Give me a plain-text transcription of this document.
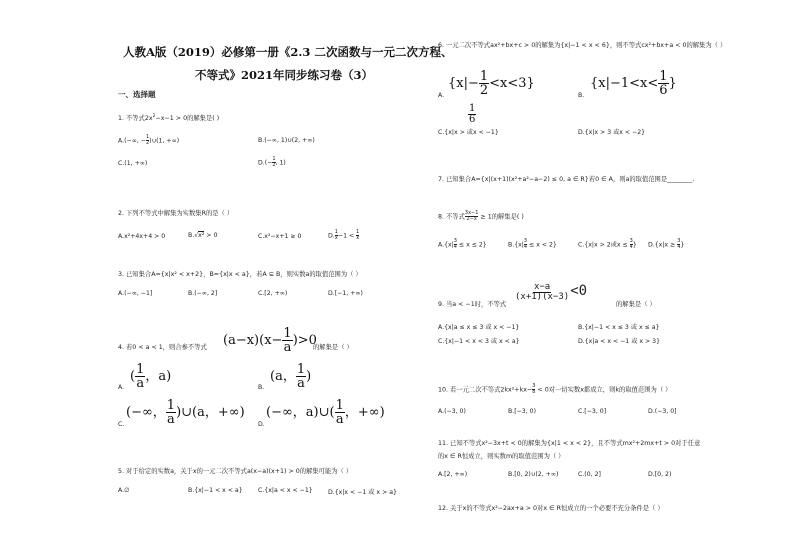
人教A版（2019）必修第一册《2.3 二次函数与一元二次方程、
不等式》2021年同步练习卷（3）
一、选择题
1. 不等式$2x^2-x-1 > 0$的解集是( )
A.(−∞, − $\frac{1}{2}$ )∪(1, +∞)	B.(−∞, 1)∪(2, +∞)
C.(1, +∞)	$D.(- \frac{1}{2}$ , 1)
2. 下列不等式中解集为实数集R的是（ ）
A.x²+4x+4 > 0	B.√x² > 0	C.x²−x+1 ≥ 0	D. $\frac{1}{x} -1 < \frac{1}{x}$
3. 已知集合A={x|x² < x+2}，B={x|x < a}，若A ⊆ B，则实数a的取值范围为（ ）
A.(−∞, −1]	B.(−∞, 2]	C.[2, +∞)	D.[−1, +∞)
4. 若0 < a < 1，则合参不等式 $(a-x)(x- \frac{1}{a} )>0$
的解集是（ ）
A.
( $\frac{1}{a}$ ，a)
B.
(a， $\frac{1}{a}$ )
C.
(−∞， $\frac{1}{a}$ )∪(a，+∞)
D.
(−∞，a)∪( $\frac{1}{a}$ ，+∞)
5. 对于给定的实数a，关于x的一元二次不等式a(x−a)(x+1) > 0的解集可能为（ ）
A.∅	B.{x|−1 < x < a} C.{x|a < x < −1} D.{x|x < −1 或 x > a}
6. 一元二次不等式ax²+bx+c > 0的解集为{x|−1 < x < 6}，则不等式cx²+bx+a < 0的解集为（ ）
A.
$\{x|- \frac{1}{2} <x<3\}$
B.
{$x|-1<x< \frac{1}{6}$ }
$\frac{1}{6}$
C.{x|x > 或x < −1}	D.{x|x > 3 或x < −2}
7. 已知集合A={x|(x+1)(x²+a²−a−2) ≤ 0, a ∈ R}若0 ∈ A，则a的取值范围是________.
8. 不等式 $\frac{3x-1}{2-x} \ge 1$的解集是( )
$A.\{x| \frac{3}{4} \le x \le 2\}$	$B.\{x| \frac{3}{4} \le x < 2\}$	C.{x|x > 2或$x \le \frac{3}{4}$ } $D.\{x|x \ge \frac{3}{4}$ }
9. 当a < −1时，不等式
$\frac{x-a}{(x+1)(x-3)} <0$
的解集是（ ）
A.{x|a ≤ x ≤ 3 或 x < −1}	B.{x|−1 < x ≤ 3 或 x ≤ a}
C.{x|−1 < x < 3 或 x < a}	D.{x|a < x < −1 或 x > 3}
10. 若一元二次不等式$2kx^2+kx- \frac{3}{8} < 0$对一切实数x都成立，则k的取值范围为（ ）
A.(−3, 0)	B.[−3, 0)	C.[−3, 0]	D.(−3, 0]
11. 已知不等式x²−3x+t < 0的解集为{x|1 < x < 2}，且不等式mx²+2mx+t > 0对于任意
的x ∈ R恒成立，则实数m的取值范围为（ ）
A.[2, +∞)	B.[0, 2)∪(2, +∞)	C.(0, 2]	D.[0, 2)
12. 关于x的不等式x²−2ax+a > 0对x ∈ R恒成立的一个必要不充分条件是（ ）
